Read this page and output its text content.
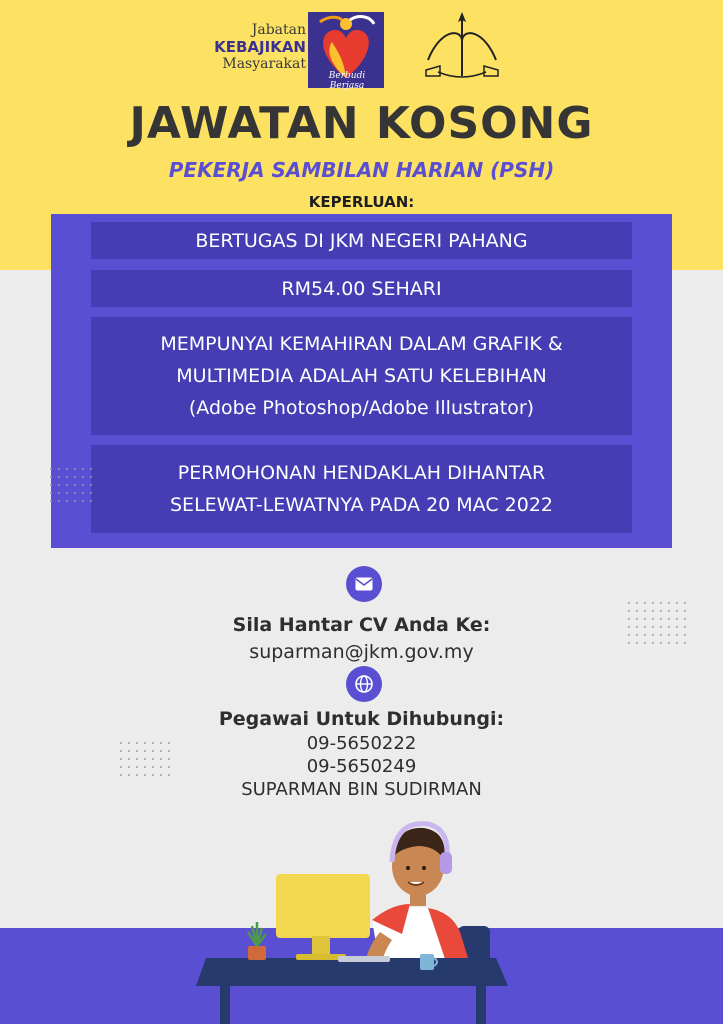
Jabatan
KEBAJIKAN
Masyarakat
Berbudi Berjasa
JAWATAN KOSONG
PEKERJA SAMBILAN HARIAN (PSH)
KEPERLUAN:
BERTUGAS DI JKM NEGERI PAHANG
RM54.00 SEHARI
MEMPUNYAI KEMAHIRAN DALAM GRAFIK &
MULTIMEDIA ADALAH SATU KELEBIHAN
(Adobe Photoshop/Adobe Illustrator)
PERMOHONAN HENDAKLAH DIHANTAR
SELEWAT-LEWATNYA PADA 20 MAC 2022
Sila Hantar CV Anda Ke:
suparman@jkm.gov.my
Pegawai Untuk Dihubungi:
09-5650222
09-5650249
SUPARMAN BIN SUDIRMAN
